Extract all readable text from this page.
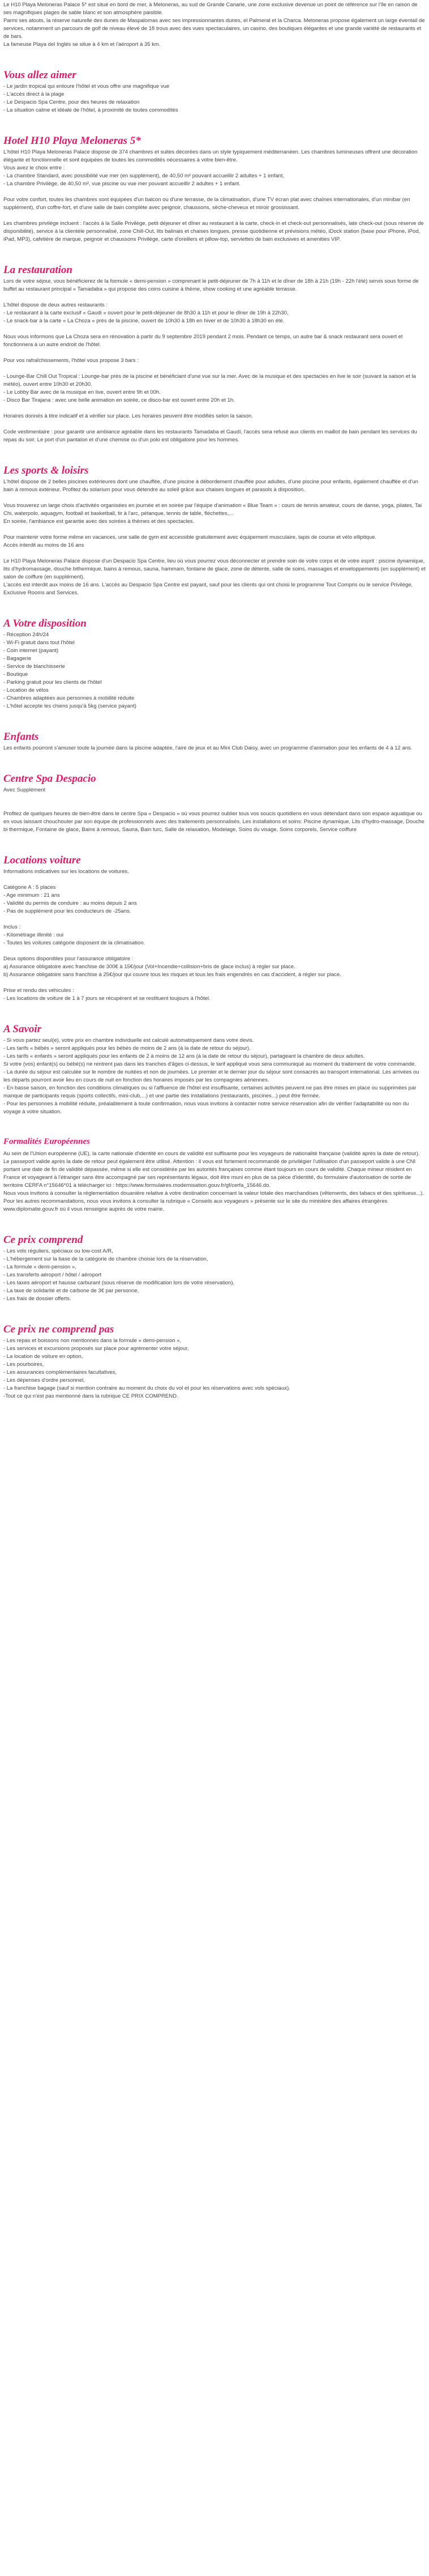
Le H10 Playa Meloneras Palace 5* est situé en bord de mer, à Meloneras, au sud de Grande Canarie, une zone exclusive devenue un point de référence sur l'île en raison de ses magnifiques plages de sable blanc et son atmosphère paisible.
Parmi ses atouts, la réserve naturelle des dunes de Maspalomas avec ses impressionnantes dunes, el Palmeral et la Charca. Meloneras propose également un large éventail de services, notamment un parcours de golf de niveau élevé de 18 trous avec des vues spectaculaires, un casino, des boutiques élégantes et une grande variété de restaurants et de bars.
La fameuse Playa del Inglés se situe à 4 km et l'aéroport à 35 km.

Vous allez aimer
- Le jardin tropical qui entoure l'hôtel et vous offre une magnifique vue
- L'accès direct à la plage
- Le Despacio Spa Centre, pour des heures de relaxation
- La situation calme et idéale de l'hôtel, à proximité de toutes commodités
Hotel H10 Playa Meloneras 5*

L'hôtel H10 Playa Meloneras Palace dispose de 374 chambres et suites décorées dans un style typiquement méditerranéen. Les chambres lumineuses offrent une décoration élégante et fonctionnelle et sont équipées de toutes les commodités nécessaires à votre bien-être.
Vous avez le choix entre :
- La chambre Standard, avec possibilité vue mer (en supplément), de 40,50 m² pouvant accueillir 2 adultes + 1 enfant,
- La chambre Privilège, de 40,50 m², vue piscine ou vue mer pouvant accueillir 2 adultes + 1 enfant.

Pour votre confort, toutes les chambres sont équipées d'un balcon ou d'une terrasse, de la climatisation, d'une TV écran plat avec chaînes internationales, d'un minibar (en supplément), d'un coffre-fort, et d'une salle de bain complète avec peignoir, chaussons, sèche-cheveux et miroir grossissant.

Les chambres privilège incluent : l'accès à la Salle Privilège, petit déjeuner et dîner au restaurant à la carte, check-in et check-out personnalisés, late check-out (sous réserve de disponibilité), service à la clientèle personnalisé, zone Chill-Out, lits balinais et chaises longues, presse quotidienne et prévisions météo, iDock station (base pour iPhone, iPod, iPad, MP3), cafetière de marque, peignoir et chaussons Privilège, carte d'oreillers et pillow-top, serviettes de bain exclusives et amenities VIP.

La restauration

Lors de votre séjour, vous bénéficierez de la formule « demi-pension » comprenant le petit-déjeuner de 7h à 11h et le dîner de 18h à 21h (19h - 22h l'été) servis sous forme de buffet au restaurant principal « Tamadaba » qui propose des coins cuisine à thème, show cooking et une agréable terrasse.

L'hôtel dispose de deux autres restaurants :
- Le restaurant à la carte exclusif « Gaudi » ouvert pour le petit-déjeuner de 8h30 à 11h et pour le dîner de 19h à 22h30,
- Le snack-bar à la carte « La Choza » près de la piscine, ouvert de 10h30 à 18h en hiver et de 10h30 à 18h30 en été.

Nous vous informons que La Choza sera en rénovation à partir du 9 septembre 2019 pendant 2 mois. Pendant ce temps, un autre bar & snack restaurant sera ouvert et fonctionnera à un autre endroit de l'hôtel.

Pour vos rafraîchissements, l'hôtel vous propose 3 bars :

- Lounge-Bar Chill Out Tropical : Lounge-bar près de la piscine et bénéficiant d'une vue sur la mer. Avec de la musique et des spectacles en live le soir (suivant la saison et la météo), ouvert entre 10h30 et 20h30.
- Le Lobby Bar avec de la musique en live, ouvert entre 9h et 00h.
- Disco Bar Tirajana : avec une belle animation en soirée, ce disco-bar est ouvert entre 20h et 1h.

Horaires donnés à titre indicatif et à vérifier sur place. Les horaires peuvent être modifiés selon la saison.

Code vestimentaire : pour garantir une ambiance agréable dans les restaurants Tamadaba et Gaudí, l'accès sera refusé aux clients en maillot de bain pendant les services du repas du soir. Le port d'un pantalon et d'une chemise ou d'un polo est obligatoire pour les hommes.

Les sports & loisirs

L'hôtel dispose de 2 belles piscines extérieures dont une chauffée, d'une piscine à débordement chauffée pour adultes, d'une piscine pour enfants, également chauffée et d'un bain à remous extérieur. Profitez du solarium pour vous détendre au soleil grâce aux chaises longues et parasols à disposition.

Vous trouverez un large choix d'activités organisées en journée et en soirée par l'équipe d'animation « Blue Team » : cours de tennis amateur, cours de danse, yoga, pilates, Tai Chi, waterpolo, aquagym, football et basketball, tir à l'arc, pétanque, tennis de table, fléchettes,...
En soirée, l'ambiance est garantie avec des soirées à thèmes et des spectacles.

Pour maintenir votre forme même en vacances, une salle de gym est accessible gratuitement avec équipement musculaire, tapis de course et vélo elliptique.
Accès interdit au moins de 16 ans

Le H10 Playa Meloneras Palace dispose d'un Despacio Spa Centre, lieu où vous pourrez vous déconnecter et prendre soin de votre corps et de votre esprit : piscine dynamique, lits d'hydromassage, douche bithermique, bains à remous, sauna, hammam, fontaine de glace, zone de détente, salle de soins, massages et enveloppements (en supplément) et salon de coiffure (en supplément).
L'accès est interdit aux moins de 16 ans. L'accès au Despacio Spa Centre est payant, sauf pour les clients qui ont choisi le programme Tout Compris ou le service Privilège, Exclusive Rooms and Services.

A Votre disposition
- Réception 24h/24
- Wi-Fi gratuit dans tout l'hôtel
- Coin internet (payant)
- Bagagerie
- Service de blanchisserie
- Boutique
- Parking gratuit pour les clients de l'hôtel
- Location de vélos
- Chambres adaptées aux personnes à mobilité réduite
- L'hôtel accepte les chiens jusqu'à 5kg (service payant)
Enfants

Les enfants pourront s'amuser toute la journée dans la piscine adaptée, l'aire de jeux et au Mini Club Daisy, avec un programme d'animation pour les enfants de 4 à 12 ans.

Centre Spa Despacio

Avec Supplément

Profitez de quelques heures de bien-être dans le centre Spa « Despacio » où vous pourrez oublier tous vos soucis quotidiens en vous détendant dans son espace aquatique ou en vous laissant chouchouter par son équipe de professionnels avec des traitements personnalisés. Les installations et soins: Piscine dynamique, Lits d'hydro-massage, Douche bi thermique, Fontaine de glace, Bains à remous, Sauna, Bain turc, Salle de relaxation, Modelage, Soins du visage, Soins corporels, Service coiffure

Locations voiture

Informations indicatives sur les locations de voitures.

Catégorie A : 5 places
- Age minimum : 21 ans
- Validité du permis de conduire : au moins depuis 2 ans
- Pas de supplément pour les conducteurs de -25ans.

Inclus :
- Kilométrage illimité : oui
- Toutes les voitures catégorie disposent de la climatisation.

Deux options disponibles pour l'assurance obligatoire :
a) Assurance obligatoire avec franchise de 300€ à 15€/jour (Vol+Incendie+collision+bris de glace inclus) à régler sur place.
b) Assurance obligatoire sans franchise à 25€/jour qui couvre tous les risques et tous les frais engendrés en cas d'accident, à régler sur place.

Prise et rendu des véhicules :
- Les locations de voiture de 1 à 7 jours se récupèrent et se restituent toujours à l'hôtel.

A Savoir

- Si vous partez seul(e), votre prix en chambre individuelle est calculé automatiquement dans votre devis.
- Les tarifs « bébés » seront appliqués pour les bébés de moins de 2 ans (à la date de retour du séjour).
- Les tarifs « enfants » seront appliqués pour les enfants de 2 à moins de 12 ans (à la date de retour du séjour), partageant la chambre de deux adultes.
Si votre (vos) enfant(s) ou bébé(s) ne rentrent pas dans les tranches d'âges ci-dessus, le tarif appliqué vous sera communiqué au moment du traitement de votre commande.
- La durée du séjour est calculée sur le nombre de nuitées et non de journées. Le premier et le dernier jour du séjour sont consacrés au transport international. Les arrivées ou les départs pourront avoir lieu en cours de nuit en fonction des horaires imposés par les compagnies aériennes.
- En basse saison, en fonction des conditions climatiques ou si l'affluence de l'hôtel est insuffisante, certaines activités peuvent ne pas être mises en place ou supprimées par manque de participants requis (sports collectifs, mini-club,...) et une partie des installations (restaurants, piscines...) peut être fermée.
- Pour les personnes à mobilité réduite, préalablement à toute confirmation, nous vous invitons à contacter notre service réservation afin de vérifier l'adaptabilité ou non du voyage à votre situation.

Formalités Européennes

Au sein de l'Union européenne (UE), la carte nationale d'identité en cours de validité est suffisante pour les voyageurs de nationalité française (validité après la date de retour). Le passeport valide après la date de retour peut également être utilisé. Attention : il vous est fortement recommandé de privilégier l'utilisation d'un passeport valide à une CNI portant une date de fin de validité dépassée, même si elle est considérée par les autorités françaises comme étant toujours en cours de validité. Chaque mineur résident en France et voyageant à l'étranger sans être accompagné par ses représentants légaux, doit être muni en plus de sa pièce d'identité, du formulaire d'autorisation de sortie de territoire CERFA n°15646*01 à télécharger ici : https://www.formulaires.modernisation.gouv.fr/gf/cerfa_15646.do.
Nous vous invitons à consulter la réglementation douanière relative à votre destination concernant la valeur totale des marchandises (vêtements, des tabacs et des spiritueux...).
Pour les autres recommandations, nous vous invitons à consulter la rubrique « Conseils aux voyageurs » présente sur le site du ministère des affaires étrangères www.diplomatie.gouv.fr où il vous renseigne auprès de votre mairie.

Ce prix comprend
- Les vols réguliers, spéciaux ou low-cost A/R,
- L'hébergement sur la base de la catégorie de chambre choisie lors de la réservation,
- La formule « demi-pension »,
- Les transferts aéroport / hôtel / aéroport
- Les taxes aéroport et hausse carburant (sous réserve de modification lors de votre réservation),
- La taxe de solidarité et de carbone de 3€ par personne,
- Les frais de dossier offerts.
Ce prix ne comprend pas
- Les repas et boissons non mentionnés dans la formule « demi-pension »,
- Les services et excursions proposés sur place pour agrémenter votre séjour,
- La location de voiture en option,
- Les pourboires,
- Les assurances complémentaires facultatives,
- Les dépenses d'ordre personnel,
- La franchise bagage (sauf si mention contraire au moment du choix du vol et pour les réservations avec vols spéciaux).
-Tout ce qui n'est pas mentionné dans la rubrique CE PRIX COMPREND.
